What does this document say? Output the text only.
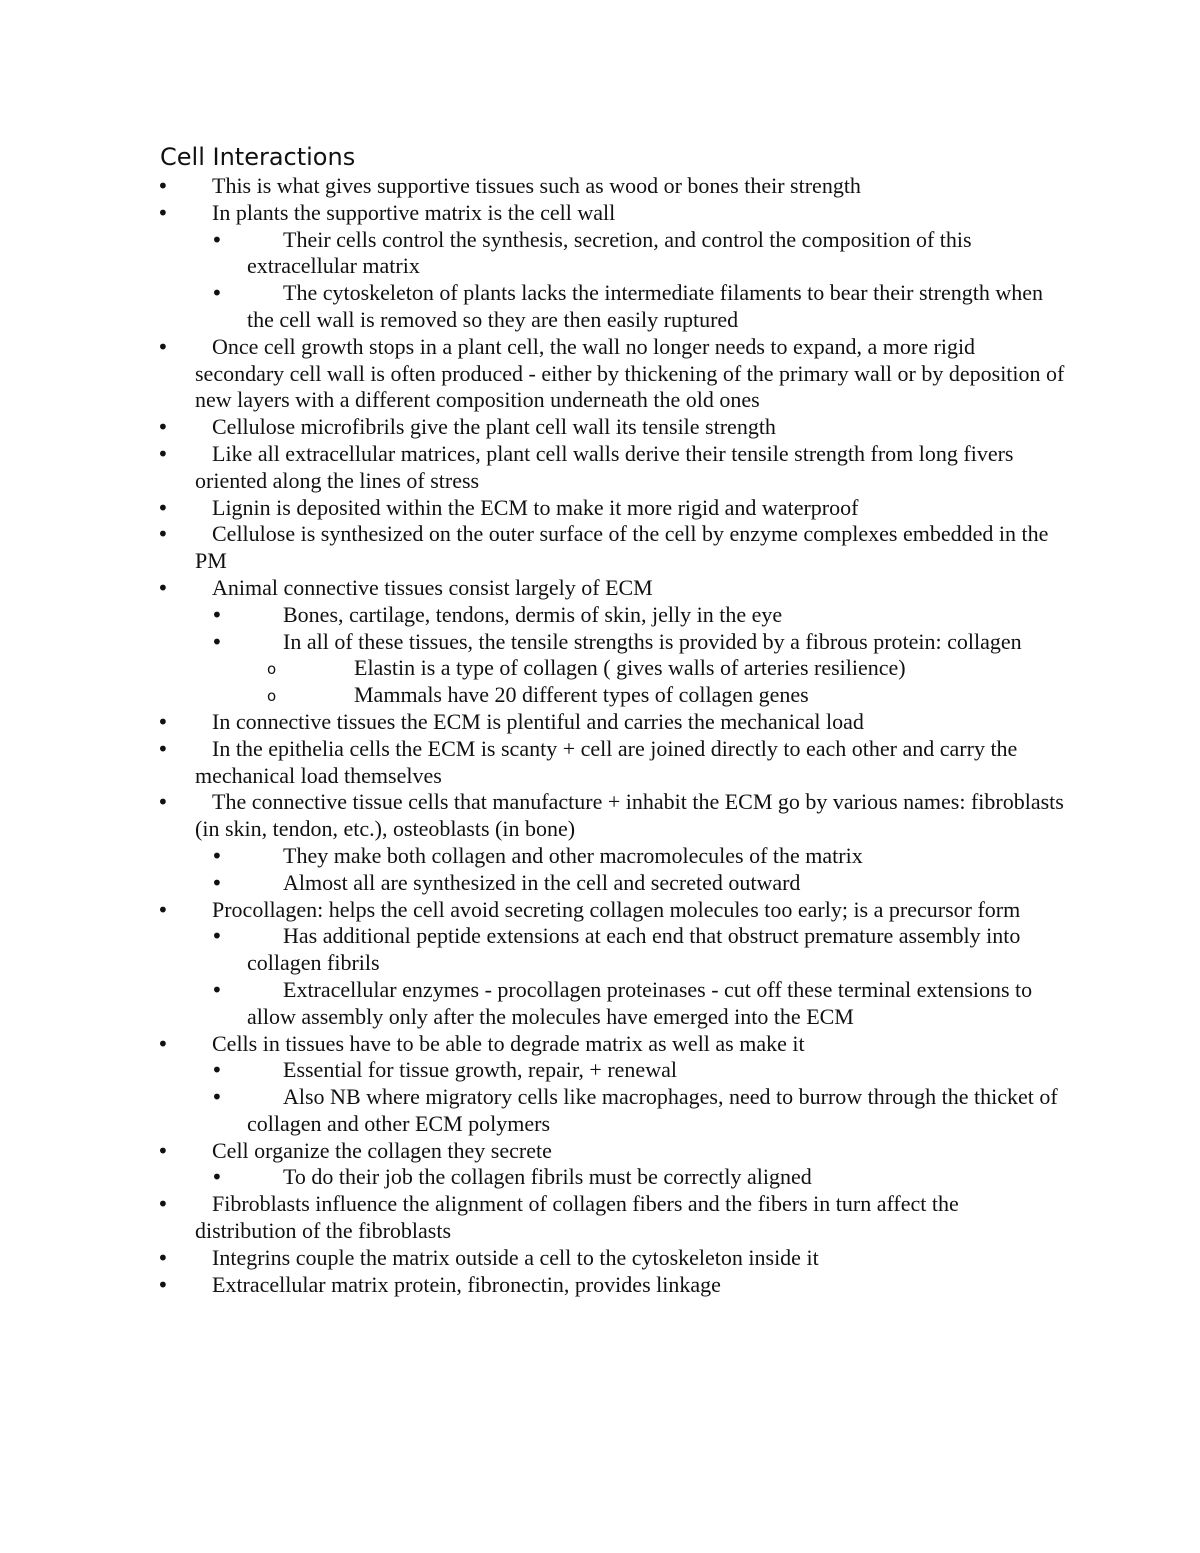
Cell Interactions
• This is what gives supportive tissues such as wood or bones their strength
• In plants the supportive matrix is the cell wall
•	Their cells control the synthesis, secretion, and control the composition of this extracellular matrix
•	The cytoskeleton of plants lacks the intermediate filaments to bear their strength when the cell wall is removed so they are then easily ruptured
• Once cell growth stops in a plant cell, the wall no longer needs to expand, a more rigid secondary cell wall is often produced - either by thickening of the primary wall or by deposition of new layers with a different composition underneath the old ones
• Cellulose microfibrils give the plant cell wall its tensile strength
• Like all extracellular matrices, plant cell walls derive their tensile strength from long fivers oriented along the lines of stress
• Lignin is deposited within the ECM to make it more rigid and waterproof
• Cellulose is synthesized on the outer surface of the cell by enzyme complexes embedded in the PM
• Animal connective tissues consist largely of ECM
•	Bones, cartilage, tendons, dermis of skin, jelly in the eye
•	In all of these tissues, the tensile strengths is provided by a fibrous protein: collagen
o	Elastin is a type of collagen ( gives walls of arteries resilience)
o	Mammals have 20 different types of collagen genes
• In connective tissues the ECM is plentiful and carries the mechanical load
• In the epithelia cells the ECM is scanty + cell are joined directly to each other and carry the mechanical load themselves
• The connective tissue cells that manufacture + inhabit the ECM go by various names: fibroblasts (in skin, tendon, etc.), osteoblasts (in bone)
•	They make both collagen and other macromolecules of the matrix
•	Almost all are synthesized in the cell and secreted outward
• Procollagen: helps the cell avoid secreting collagen molecules too early; is a precursor form
•	Has additional peptide extensions at each end that obstruct premature assembly into collagen fibrils
•	Extracellular enzymes - procollagen proteinases - cut off these terminal extensions to allow assembly only after the molecules have emerged into the ECM
• Cells in tissues have to be able to degrade matrix as well as make it
•	Essential for tissue growth, repair, + renewal
•	Also NB where migratory cells like macrophages, need to burrow through the thicket of collagen and other ECM polymers
• Cell organize the collagen they secrete
•	To do their job the collagen fibrils must be correctly aligned
• Fibroblasts influence the alignment of collagen fibers and the fibers in turn affect the distribution of the fibroblasts
• Integrins couple the matrix outside a cell to the cytoskeleton inside it
• Extracellular matrix protein, fibronectin, provides linkage
